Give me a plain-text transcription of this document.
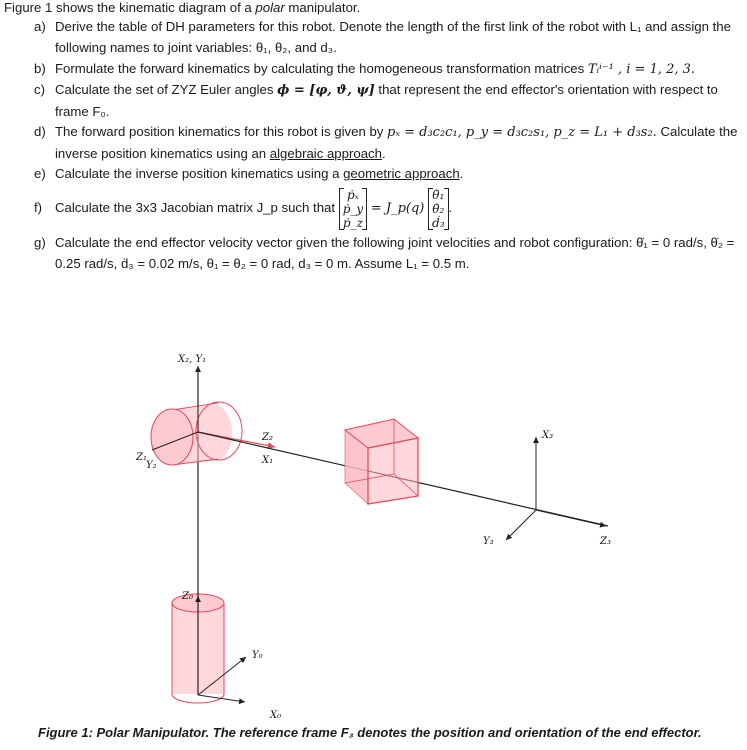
Figure 1 shows the kinematic diagram of a polar manipulator.
a) Derive the table of DH parameters for this robot. Denote the length of the first link of the robot with L₁ and assign the following names to joint variables: θ₁, θ₂, and d₃.
b) Formulate the forward kinematics by calculating the homogeneous transformation matrices Tᵢⁱ⁻¹ , i = 1, 2, 3.
c) Calculate the set of ZYZ Euler angles ϕ = [φ, ϑ, ψ] that represent the end effector's orientation with respect to frame F₀.
d) The forward position kinematics for this robot is given by pₓ = d₃c₂c₁, p_y = d₃c₂s₁, p_z = L₁ + d₃s₂. Calculate the inverse position kinematics using an algebraic approach.
e) Calculate the inverse position kinematics using a geometric approach.
f) Calculate the 3x3 Jacobian matrix J_p such that
ṗₓ
ṗ_y
ṗ_z
= J_p(q)
θ̇₁
θ̇₂
ḋ₃
.
g) Calculate the end effector velocity vector given the following joint velocities and robot configuration: θ̇₁ = 0 rad/s, θ̇₂ = 0.25 rad/s, ḋ₃ = 0.02 m/s, θ₁ = θ₂ = 0 rad, d₃ = 0 m. Assume L₁ = 0.5 m.
X₂, Y₁
Z₁
Y₂
Z₂
X₁
X₃
Y₃	Z₃
Z₀
Y₀
X₀
Figure 1: Polar Manipulator. The reference frame F₃ denotes the position and orientation of the end effector.
